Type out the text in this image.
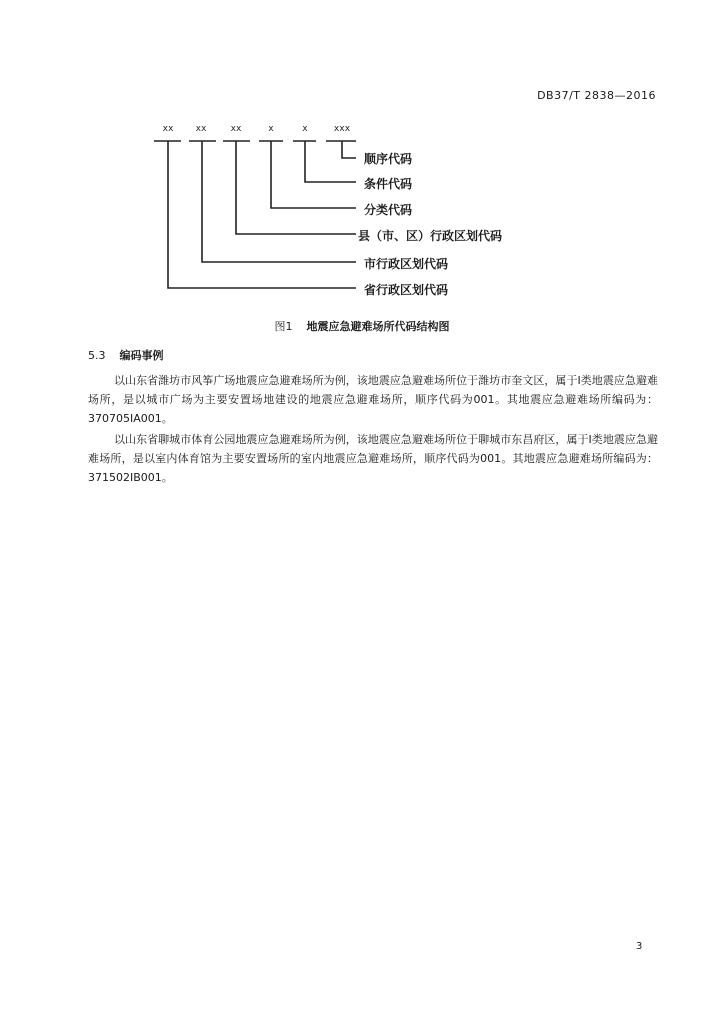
DB37/T 2838—2016
xx	xx	xx	x	x	xxx
顺序代码
条件代码
分类代码
县（市、区）行政区划代码
市行政区划代码
省行政区划代码
图1 地震应急避难场所代码结构图
5.3 编码事例
以山东省潍坊市风筝广场地震应急避难场所为例，该地震应急避难场所位于潍坊市奎文区，属于Ⅰ类地震应急避难场所，是以城市广场为主要安置场地建设的地震应急避难场所，顺序代码为001。其地震应急避难场所编码为：370705ⅠA001。
以山东省聊城市体育公园地震应急避难场所为例，该地震应急避难场所位于聊城市东昌府区，属于Ⅰ类地震应急避难场所，是以室内体育馆为主要安置场所的室内地震应急避难场所，顺序代码为001。其地震应急避难场所编码为：371502ⅠB001。
3
